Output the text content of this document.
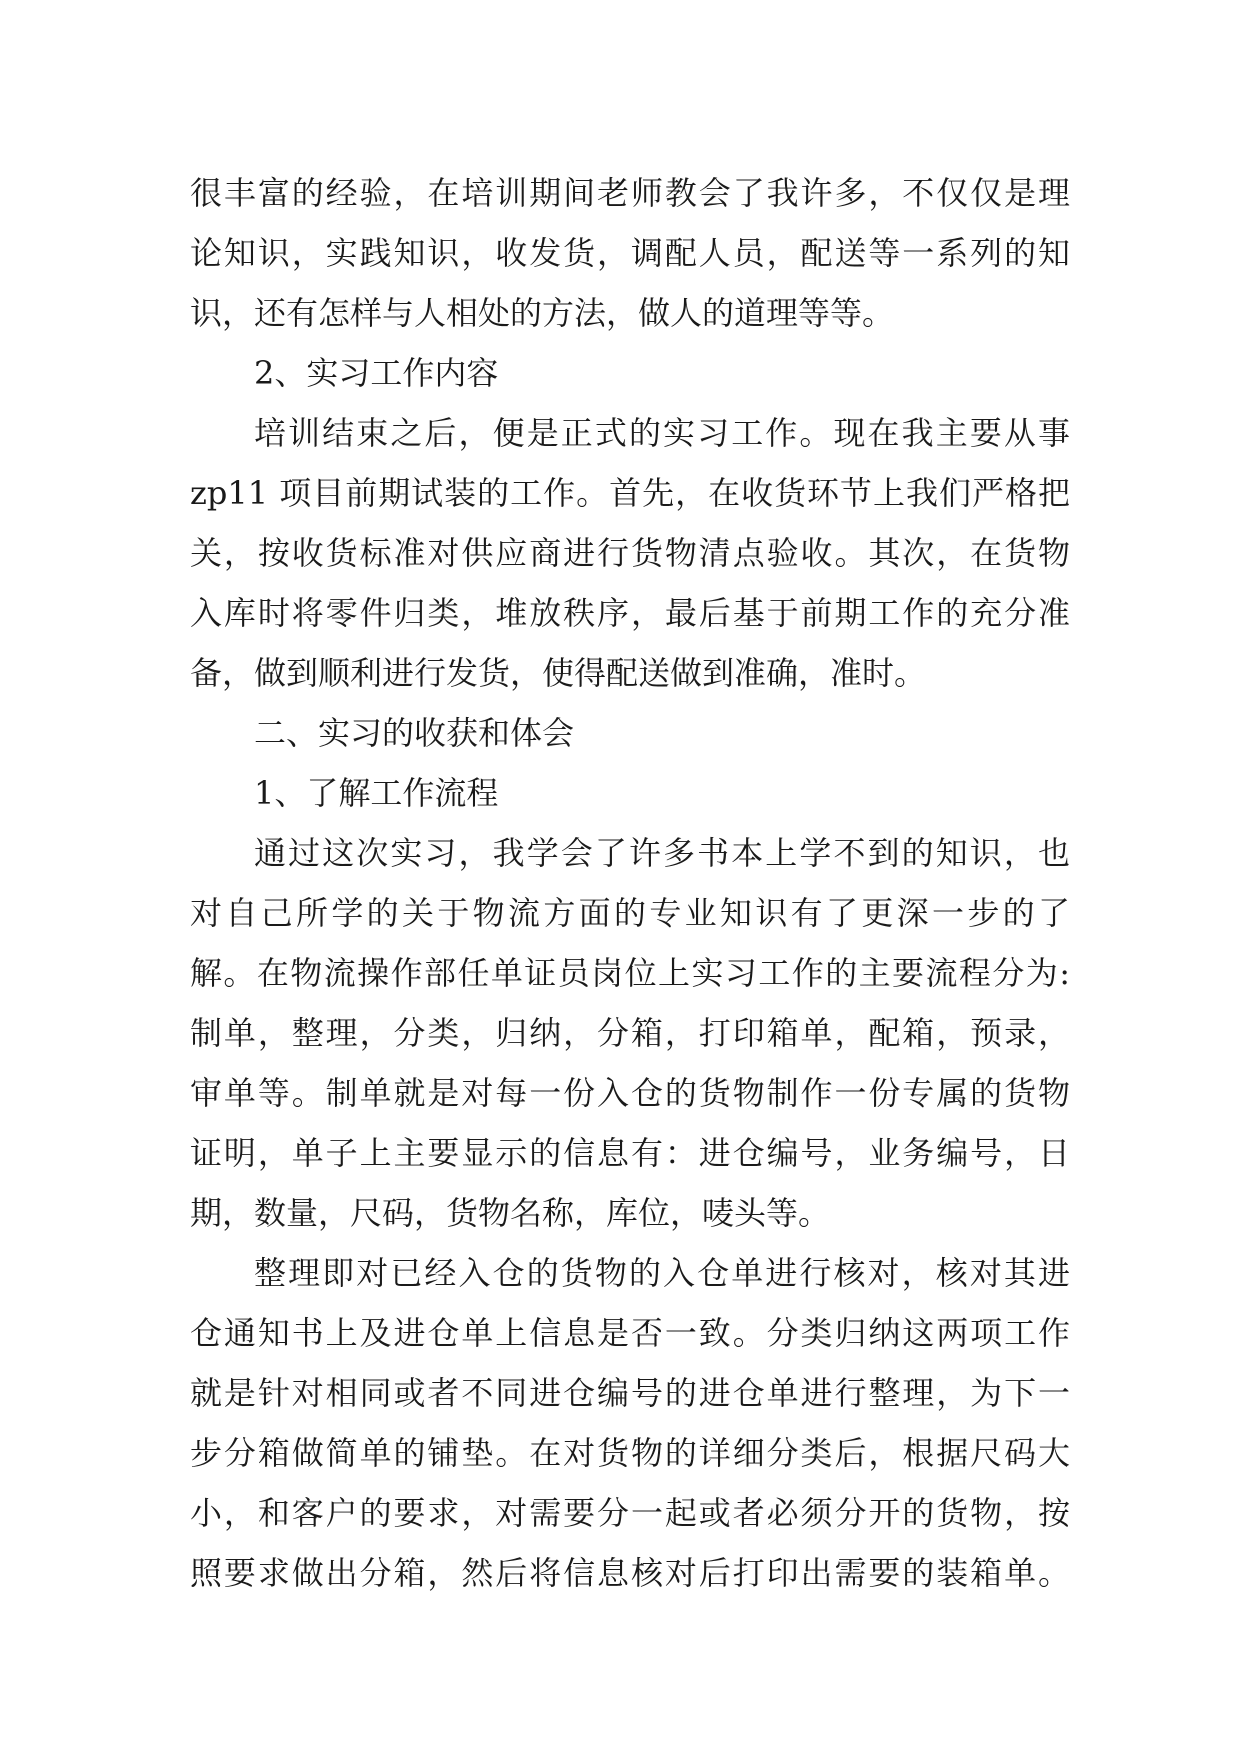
很丰富的经验，在培训期间老师教会了我许多，不仅仅是理
论知识，实践知识，收发货，调配人员，配送等一系列的知
识，还有怎样与人相处的方法，做人的道理等等。
2、实习工作内容
培训结束之后，便是正式的实习工作。现在我主要从事
zp11 项目前期试装的工作。首先，在收货环节上我们严格把
关，按收货标准对供应商进行货物清点验收。其次，在货物
入库时将零件归类，堆放秩序，最后基于前期工作的充分准
备，做到顺利进行发货，使得配送做到准确，准时。
二、实习的收获和体会
1、了解工作流程
通过这次实习，我学会了许多书本上学不到的知识，也
对自己所学的关于物流方面的专业知识有了更深一步的了
解。在物流操作部任单证员岗位上实习工作的主要流程分为:
制单，整理，分类，归纳，分箱，打印箱单，配箱，预录，
审单等。制单就是对每一份入仓的货物制作一份专属的货物
证明，单子上主要显示的信息有：进仓编号，业务编号，日
期，数量，尺码，货物名称，库位，唛头等。
整理即对已经入仓的货物的入仓单进行核对，核对其进
仓通知书上及进仓单上信息是否一致。分类归纳这两项工作
就是针对相同或者不同进仓编号的进仓单进行整理，为下一
步分箱做简单的铺垫。在对货物的详细分类后，根据尺码大
小，和客户的要求，对需要分一起或者必须分开的货物，按
照要求做出分箱，然后将信息核对后打印出需要的装箱单。
